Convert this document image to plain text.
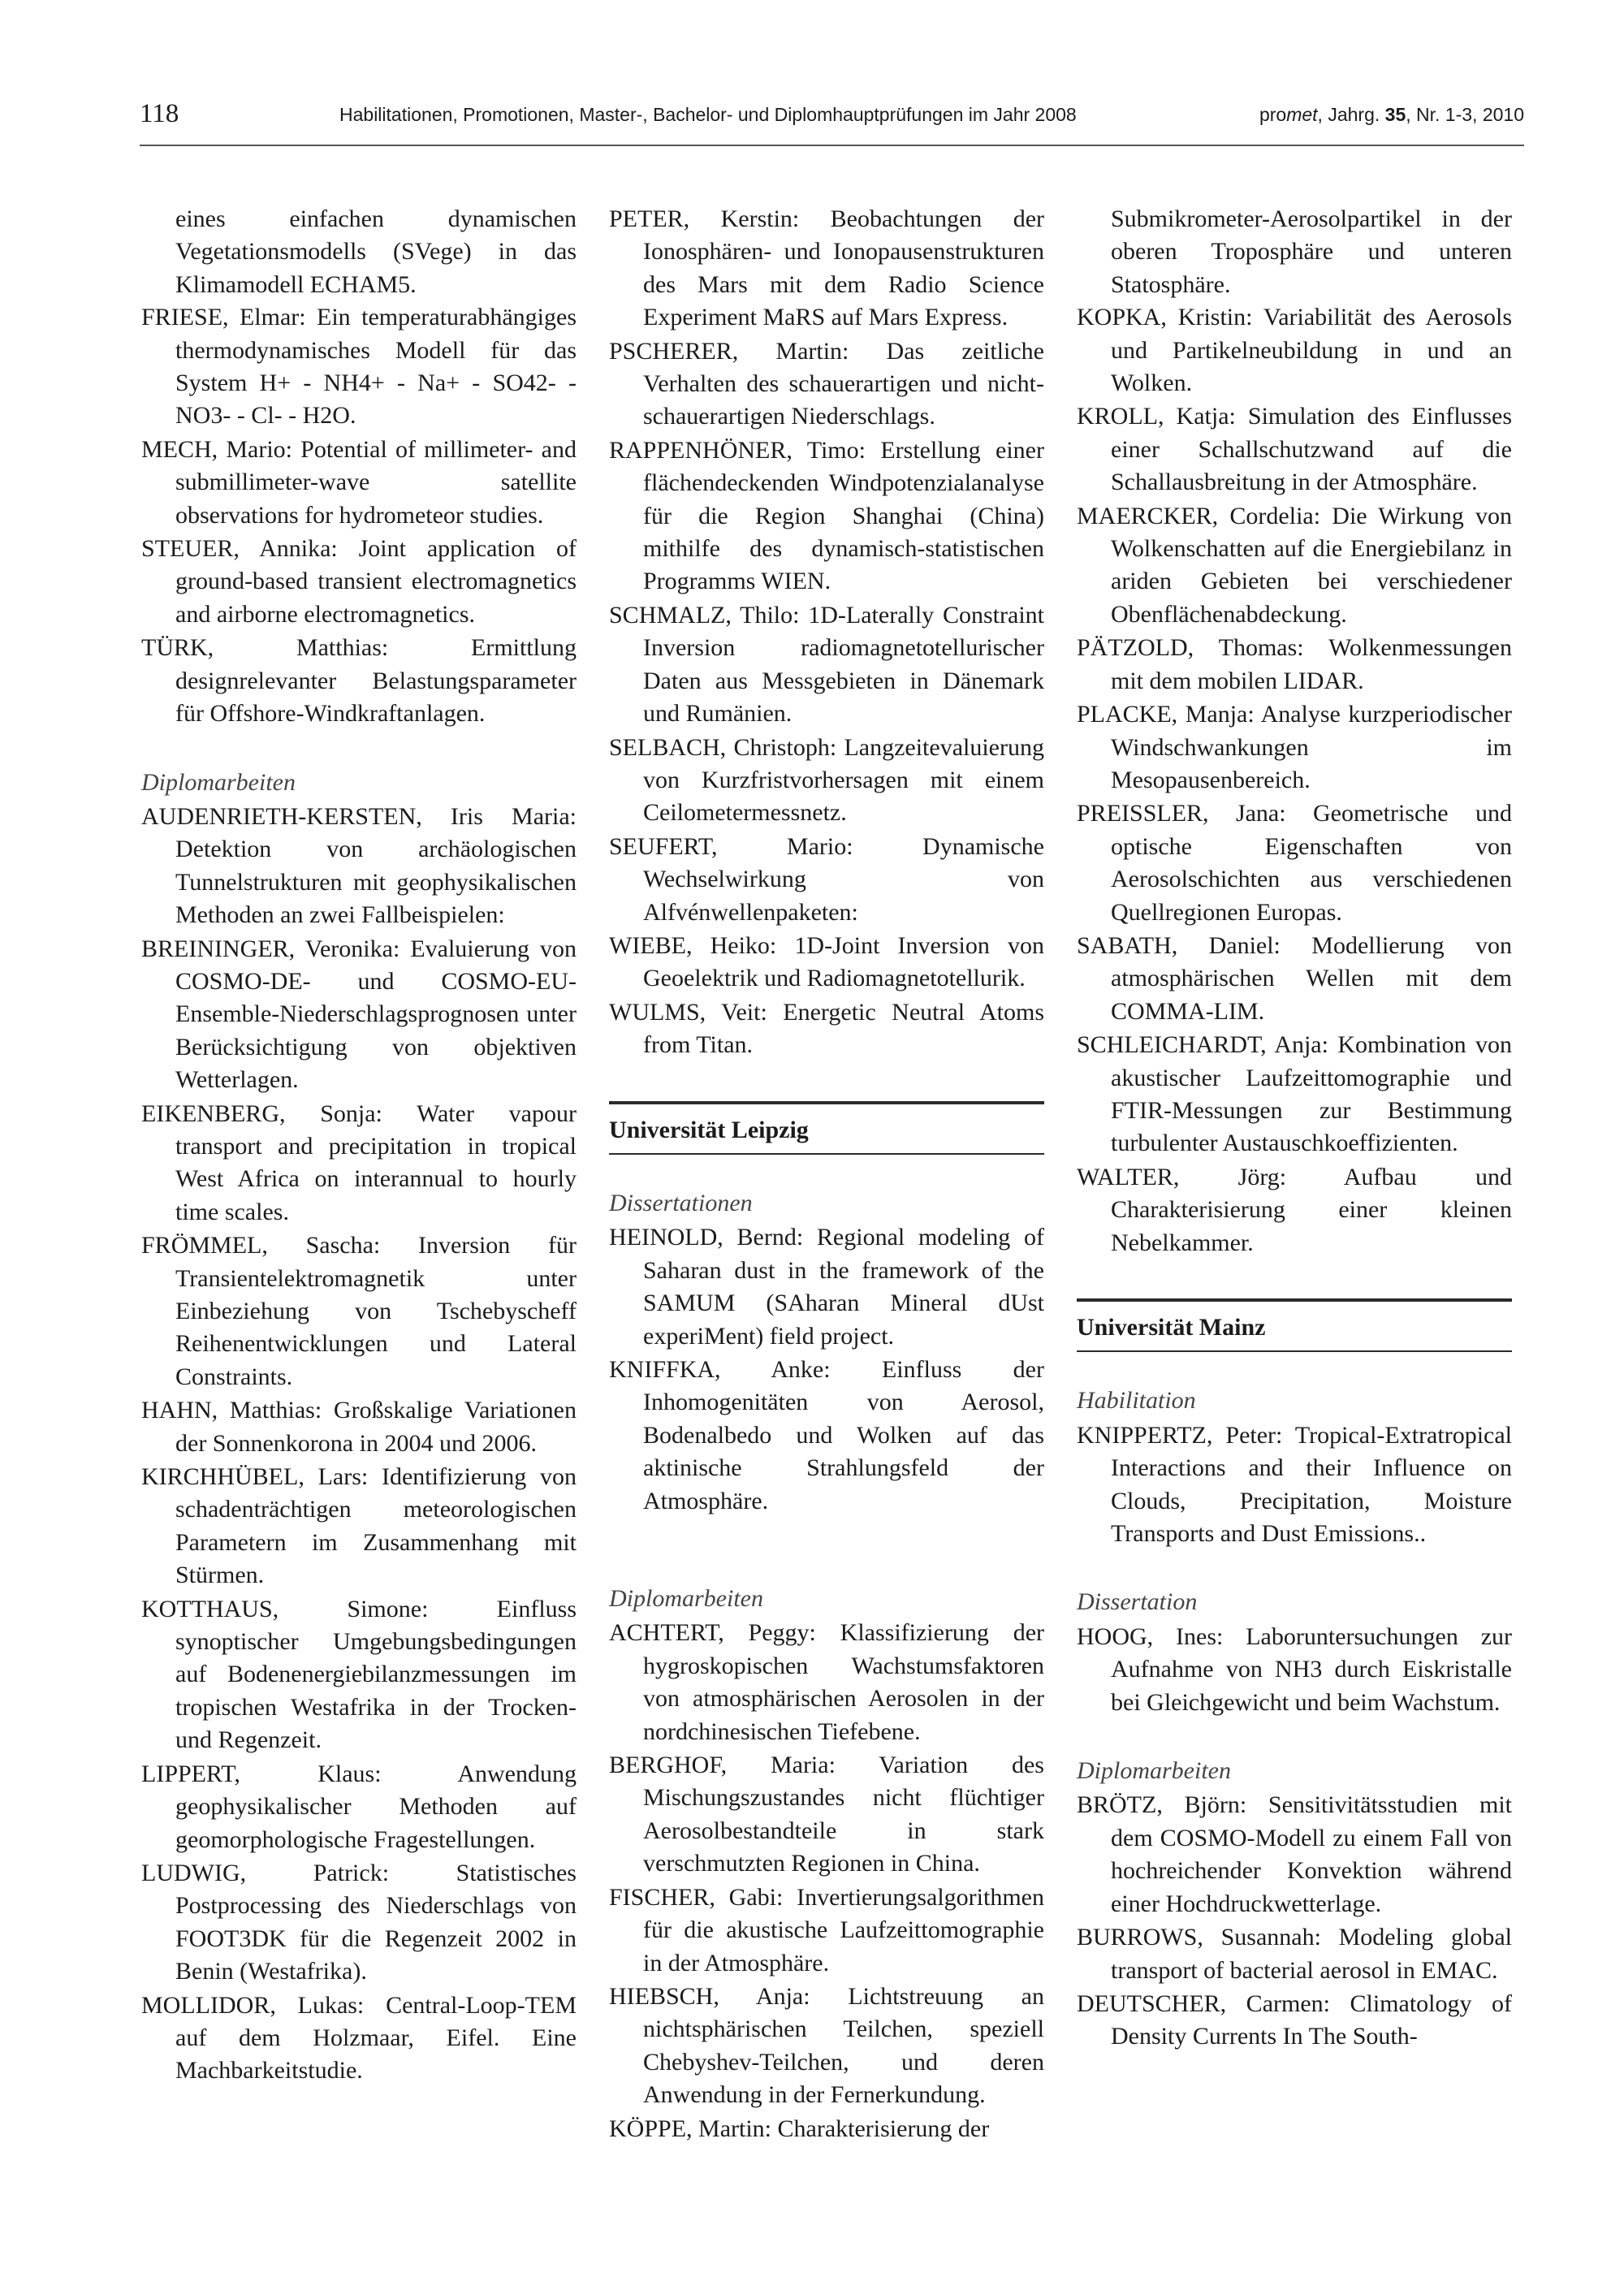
118	Habilitationen, Promotionen, Master-, Bachelor- und Diplomhauptprüfungen im Jahr 2008	promet, Jahrg. 35, Nr. 1-3, 2010

eines einfachen dynamischen Vegetationsmodells (SVege) in das Klimamodell ECHAM5.

FRIESE, Elmar: Ein temperaturabhängiges thermodynamisches Modell für das System H+ - NH4+ - Na+ - SO42- - NO3- - Cl- - H2O.

MECH, Mario: Potential of millimeter- and submillimeter-wave satellite observations for hydrometeor studies.

STEUER, Annika: Joint application of ground-based transient electromagnetics and airborne electromagnetics.

TÜRK, Matthias: Ermittlung designrelevanter Belastungsparameter für Offshore-Windkraftanlagen.

Diplomarbeiten

AUDENRIETH-KERSTEN, Iris Maria: Detektion von archäologischen Tunnelstrukturen mit geophysikalischen Methoden an zwei Fallbeispielen:

BREININGER, Veronika: Evaluierung von COSMO-DE- und COSMO-EU-Ensemble-Niederschlagsprognosen unter Berücksichtigung von objektiven Wetterlagen.

EIKENBERG, Sonja: Water vapour transport and precipitation in tropical West Africa on interannual to hourly time scales.

FRÖMMEL, Sascha: Inversion für Transientelektromagnetik unter Einbeziehung von Tschebyscheff Reihenentwicklungen und Lateral Constraints.

HAHN, Matthias: Großskalige Variationen der Sonnenkorona in 2004 und 2006.

KIRCHHÜBEL, Lars: Identifizierung von schadenträchtigen meteorologischen Parametern im Zusammenhang mit Stürmen.

KOTTHAUS, Simone: Einfluss synoptischer Umgebungsbedingungen auf Bodenenergiebilanzmessungen im tropischen Westafrika in der Trocken- und Regenzeit.

LIPPERT, Klaus: Anwendung geophysikalischer Methoden auf geomorphologische Fragestellungen.

LUDWIG, Patrick: Statistisches Postprocessing des Niederschlags von FOOT3DK für die Regenzeit 2002 in Benin (Westafrika).

MOLLIDOR, Lukas: Central-Loop-TEM auf dem Holzmaar, Eifel. Eine Machbarkeitstudie.

PETER, Kerstin: Beobachtungen der Ionosphären- und Ionopausenstrukturen des Mars mit dem Radio Science Experiment MaRS auf Mars Express.

PSCHERER, Martin: Das zeitliche Verhalten des schauerartigen und nicht-schauerartigen Niederschlags.

RAPPENHÖNER, Timo: Erstellung einer flächendeckenden Windpotenzialanalyse für die Region Shanghai (China) mithilfe des dynamisch-statistischen Programms WIEN.

SCHMALZ, Thilo: 1D-Laterally Constraint Inversion radiomagnetotellurischer Daten aus Messgebieten in Dänemark und Rumänien.

SELBACH, Christoph: Langzeitevaluierung von Kurzfristvorhersagen mit einem Ceilometermessnetz.

SEUFERT, Mario: Dynamische Wechselwirkung von Alfvénwellenpaketen:

WIEBE, Heiko: 1D-Joint Inversion von Geoelektrik und Radiomagnetotellurik.

WULMS, Veit: Energetic Neutral Atoms from Titan.

Universität Leipzig

Dissertationen

HEINOLD, Bernd: Regional modeling of Saharan dust in the framework of the SAMUM (SAharan Mineral dUst experiMent) field project.

KNIFFKA, Anke: Einfluss der Inhomogenitäten von Aerosol, Bodenalbedo und Wolken auf das aktinische Strahlungsfeld der Atmosphäre.

Diplomarbeiten

ACHTERT, Peggy: Klassifizierung der hygroskopischen Wachstumsfaktoren von atmosphärischen Aerosolen in der nordchinesischen Tiefebene.

BERGHOF, Maria: Variation des Mischungszustandes nicht flüchtiger Aerosolbestandteile in stark verschmutzten Regionen in China.

FISCHER, Gabi: Invertierungsalgorithmen für die akustische Laufzeittomographie in der Atmosphäre.

HIEBSCH, Anja: Lichtstreuung an nichtsphärischen Teilchen, speziell Chebyshev-Teilchen, und deren Anwendung in der Fernerkundung.

KÖPPE, Martin: Charakterisierung der

Submikrometer-Aerosolpartikel in der oberen Troposphäre und unteren Statosphäre.

KOPKA, Kristin: Variabilität des Aerosols und Partikelneubildung in und an Wolken.

KROLL, Katja: Simulation des Einflusses einer Schallschutzwand auf die Schallausbreitung in der Atmosphäre.

MAERCKER, Cordelia: Die Wirkung von Wolkenschatten auf die Energiebilanz in ariden Gebieten bei verschiedener Obenflächenabdeckung.

PÄTZOLD, Thomas: Wolkenmessungen mit dem mobilen LIDAR.

PLACKE, Manja: Analyse kurzperiodischer Windschwankungen im Mesopausenbereich.

PREISSLER, Jana: Geometrische und optische Eigenschaften von Aerosolschichten aus verschiedenen Quellregionen Europas.

SABATH, Daniel: Modellierung von atmosphärischen Wellen mit dem COMMA-LIM.

SCHLEICHARDT, Anja: Kombination von akustischer Laufzeittomographie und FTIR-Messungen zur Bestimmung turbulenter Austauschkoeffizienten.

WALTER, Jörg: Aufbau und Charakterisierung einer kleinen Nebelkammer.

Universität Mainz

Habilitation

KNIPPERTZ, Peter: Tropical-Extratropical Interactions and their Influence on Clouds, Precipitation, Moisture Transports and Dust Emissions..

Dissertation

HOOG, Ines: Laboruntersuchungen zur Aufnahme von NH3 durch Eiskristalle bei Gleichgewicht und beim Wachstum.

Diplomarbeiten

BRÖTZ, Björn: Sensitivitätsstudien mit dem COSMO-Modell zu einem Fall von hochreichender Konvektion während einer Hochdruckwetterlage.

BURROWS, Susannah: Modeling global transport of bacterial aerosol in EMAC.

DEUTSCHER, Carmen: Climatology of Density Currents In The South-
